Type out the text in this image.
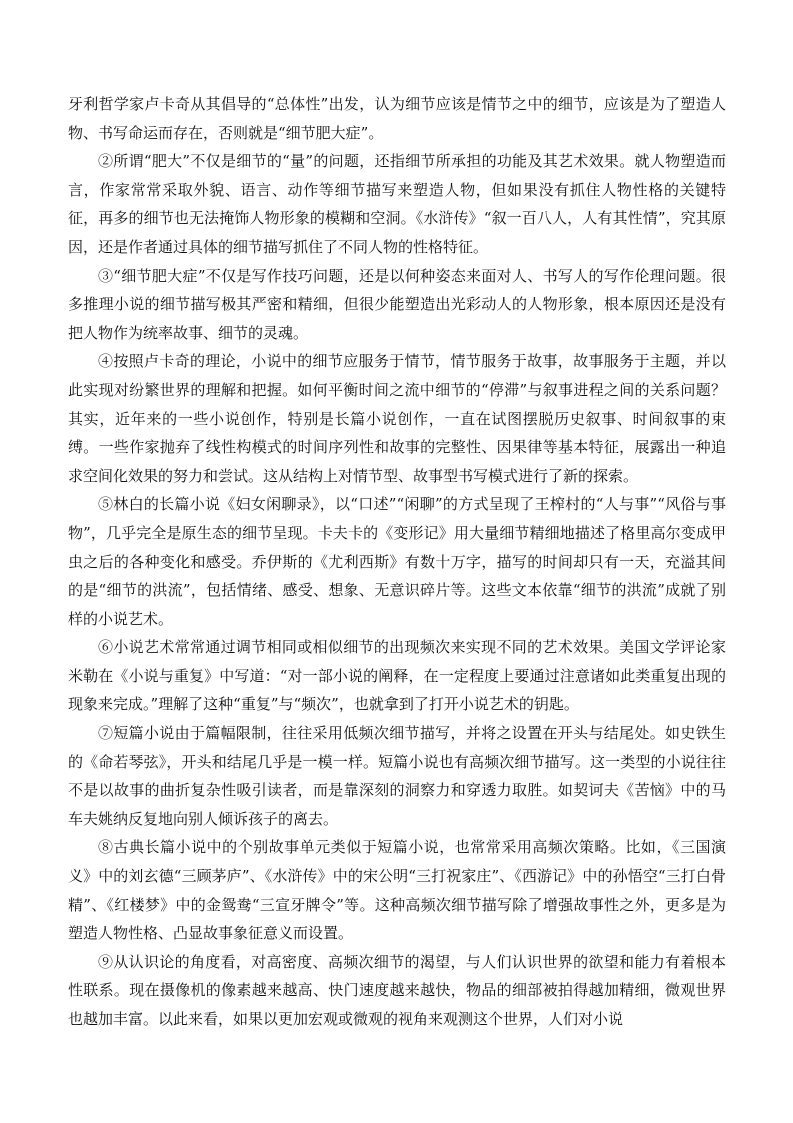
牙利哲学家卢卡奇从其倡导的“总体性”出发，认为细节应该是情节之中的细节，应该是为了塑造人物、书写命运而存在，否则就是“细节肥大症”。

②所谓“肥大”不仅是细节的“量”的问题，还指细节所承担的功能及其艺术效果。就人物塑造而言，作家常常采取外貌、语言、动作等细节描写来塑造人物，但如果没有抓住人物性格的关键特征，再多的细节也无法掩饰人物形象的模糊和空洞。《水浒传》“叙一百八人，人有其性情”，究其原因，还是作者通过具体的细节描写抓住了不同人物的性格特征。

③“细节肥大症”不仅是写作技巧问题，还是以何种姿态来面对人、书写人的写作伦理问题。很多推理小说的细节描写极其严密和精细，但很少能塑造出光彩动人的人物形象，根本原因还是没有把人物作为统率故事、细节的灵魂。

④按照卢卡奇的理论，小说中的细节应服务于情节，情节服务于故事，故事服务于主题，并以此实现对纷繁世界的理解和把握。如何平衡时间之流中细节的“停滞”与叙事进程之间的关系问题？其实，近年来的一些小说创作，特别是长篇小说创作，一直在试图摆脱历史叙事、时间叙事的束缚。一些作家抛弃了线性构模式的时间序列性和故事的完整性、因果律等基本特征，展露出一种追求空间化效果的努力和尝试。这从结构上对情节型、故事型书写模式进行了新的探索。

⑤林白的长篇小说《妇女闲聊录》，以“口述”“闲聊”的方式呈现了王榨村的“人与事”“风俗与事物”，几乎完全是原生态的细节呈现。卡夫卡的《变形记》用大量细节精细地描述了格里高尔变成甲虫之后的各种变化和感受。乔伊斯的《尤利西斯》有数十万字，描写的时间却只有一天，充溢其间的是“细节的洪流”，包括情绪、感受、想象、无意识碎片等。这些文本依靠“细节的洪流”成就了别样的小说艺术。

⑥小说艺术常常通过调节相同或相似细节的出现频次来实现不同的艺术效果。美国文学评论家米勒在《小说与重复》中写道：“对一部小说的阐释，在一定程度上要通过注意诸如此类重复出现的现象来完成。”理解了这种“重复”与“频次”，也就拿到了打开小说艺术的钥匙。

⑦短篇小说由于篇幅限制，往往采用低频次细节描写，并将之设置在开头与结尾处。如史铁生的《命若琴弦》，开头和结尾几乎是一模一样。短篇小说也有高频次细节描写。这一类型的小说往往不是以故事的曲折复杂性吸引读者，而是靠深刻的洞察力和穿透力取胜。如契诃夫《苦恼》中的马车夫姚纳反复地向别人倾诉孩子的离去。

⑧古典长篇小说中的个别故事单元类似于短篇小说，也常常采用高频次策略。比如，《三国演义》中的刘玄德“三顾茅庐”、《水浒传》中的宋公明“三打祝家庄”、《西游记》中的孙悟空“三打白骨精”、《红楼梦》中的金鸳鸯“三宣牙牌令”等。这种高频次细节描写除了增强故事性之外，更多是为塑造人物性格、凸显故事象征意义而设置。

⑨从认识论的角度看，对高密度、高频次细节的渴望，与人们认识世界的欲望和能力有着根本性联系。现在摄像机的像素越来越高、快门速度越来越快，物品的细部被拍得越加精细，微观世界也越加丰富。以此来看，如果以更加宏观或微观的视角来观测这个世界，人们对小说
